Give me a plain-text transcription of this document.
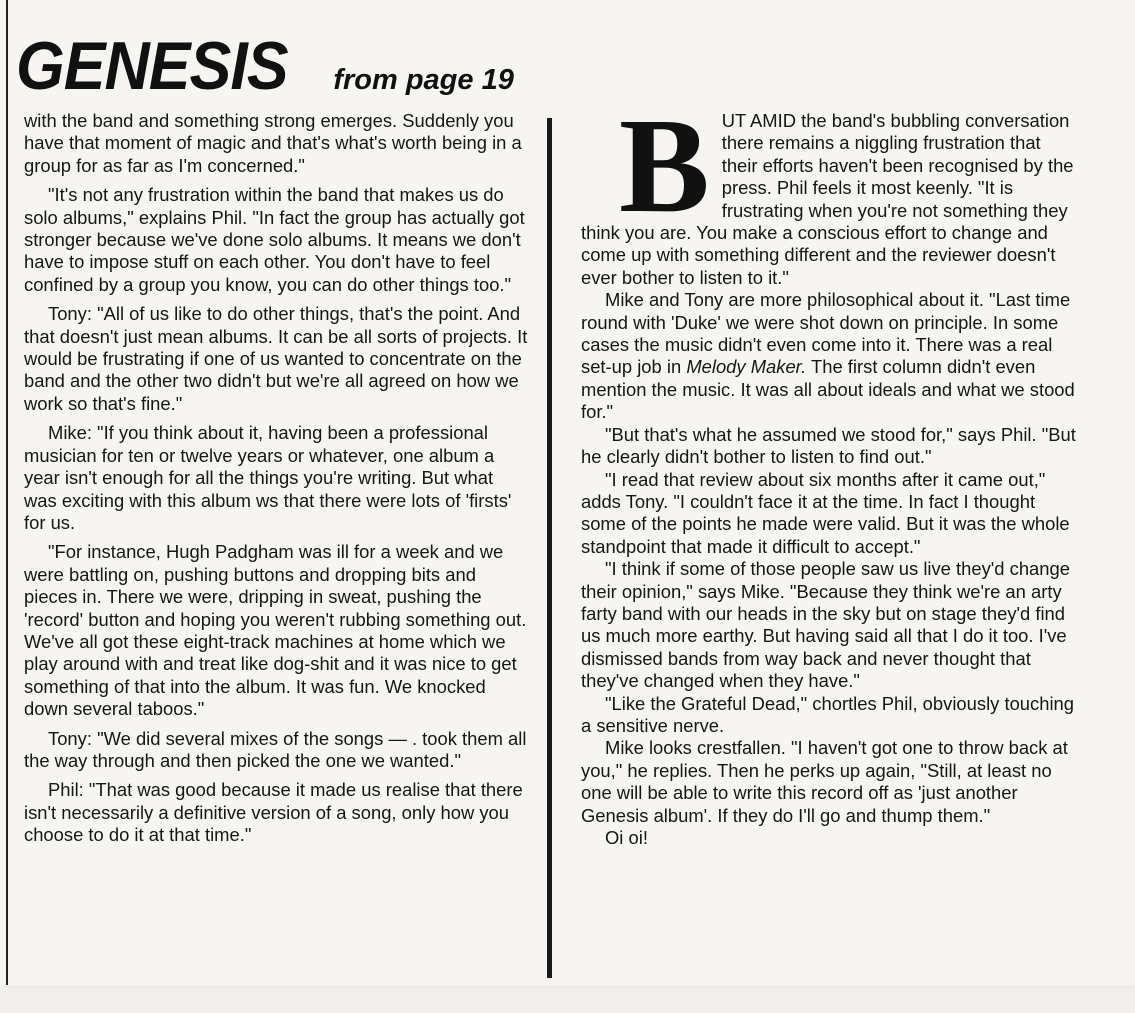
GENESIS from page 19

with the band and something strong emerges. Suddenly you have that moment of magic and that's what's worth being in a group for as far as I'm concerned."

"It's not any frustration within the band that makes us do solo albums," explains Phil. "In fact the group has actually got stronger because we've done solo albums. It means we don't have to impose stuff on each other. You don't have to feel confined by a group you know, you can do other things too."

Tony: "All of us like to do other things, that's the point. And that doesn't just mean albums. It can be all sorts of projects. It would be frustrating if one of us wanted to concentrate on the band and the other two didn't but we're all agreed on how we work so that's fine."

Mike: "If you think about it, having been a professional musician for ten or twelve years or whatever, one album a year isn't enough for all the things you're writing. But what was exciting with this album ws that there were lots of 'firsts' for us.

"For instance, Hugh Padgham was ill for a week and we were battling on, pushing buttons and dropping bits and pieces in. There we were, dripping in sweat, pushing the 'record' button and hoping you weren't rubbing something out. We've all got these eight-track machines at home which we play around with and treat like dog-shit and it was nice to get something of that into the album. It was fun. We knocked down several taboos."

Tony: "We did several mixes of the songs — . took them all the way through and then picked the one we wanted."

Phil: "That was good because it made us realise that there isn't necessarily a definitive version of a song, only how you choose to do it at that time."

B UT AMID the band's bubbling conversation there remains a niggling frustration that their efforts haven't been recognised by the press. Phil feels it most keenly. "It is frustrating when you're not something they think you are. You make a conscious effort to change and come up with something different and the reviewer doesn't ever bother to listen to it."

Mike and Tony are more philosophical about it. "Last time round with 'Duke' we were shot down on principle. In some cases the music didn't even come into it. There was a real set-up job in Melody Maker. The first column didn't even mention the music. It was all about ideals and what we stood for."

"But that's what he assumed we stood for," says Phil. "But he clearly didn't bother to listen to find out."

"I read that review about six months after it came out," adds Tony. "I couldn't face it at the time. In fact I thought some of the points he made were valid. But it was the whole standpoint that made it difficult to accept."

"I think if some of those people saw us live they'd change their opinion," says Mike. "Because they think we're an arty farty band with our heads in the sky but on stage they'd find us much more earthy. But having said all that I do it too. I've dismissed bands from way back and never thought that they've changed when they have."

"Like the Grateful Dead," chortles Phil, obviously touching a sensitive nerve.

Mike looks crestfallen. "I haven't got one to throw back at you," he replies. Then he perks up again, "Still, at least no one will be able to write this record off as 'just another Genesis album'. If they do I'll go and thump them."

Oi oi!
